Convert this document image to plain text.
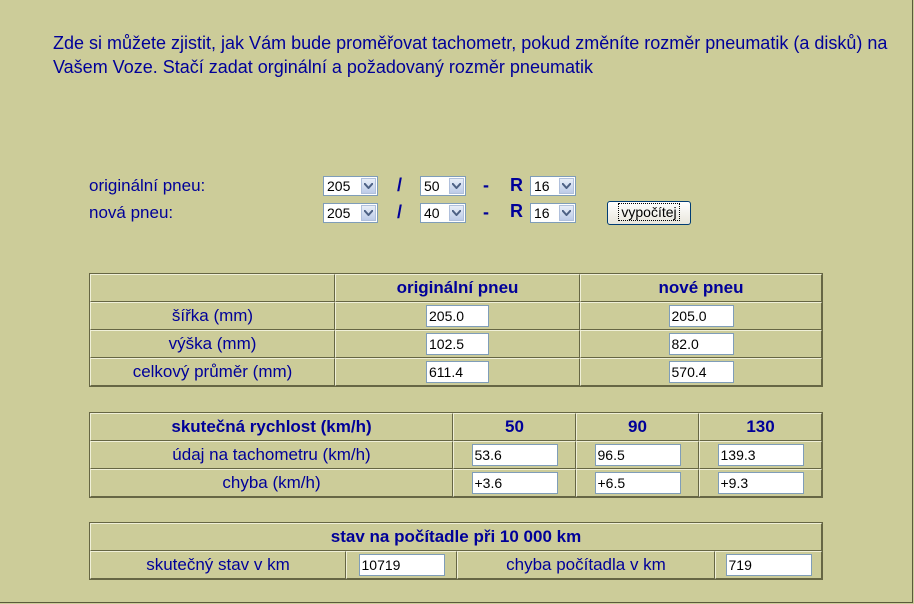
Zde si můžete zjistit, jak Vám bude proměřovat tachometr, pokud změníte rozměr pneumatik (a disků) na Vašem Voze. Stačí zadat orginální a požadovaný rozměr pneumatik
originální pneu:	205	/ 50 - R 16
nová pneu:	205	/ 40 - R 16	vypočítej
	originální pneu	nové pneu
šířka (mm)	205.0	205.0
výška (mm)	102.5	82.0
celkový průměr (mm)	611.4	570.4
skutečná rychlost (km/h)	50	90	130
údaj na tachometru (km/h)	53.6	96.5	139.3
chyba (km/h)	+3.6	+6.5	+9.3
stav na počítadle při 10 000 km
skutečný stav v km	10719	chyba počítadla v km	719
